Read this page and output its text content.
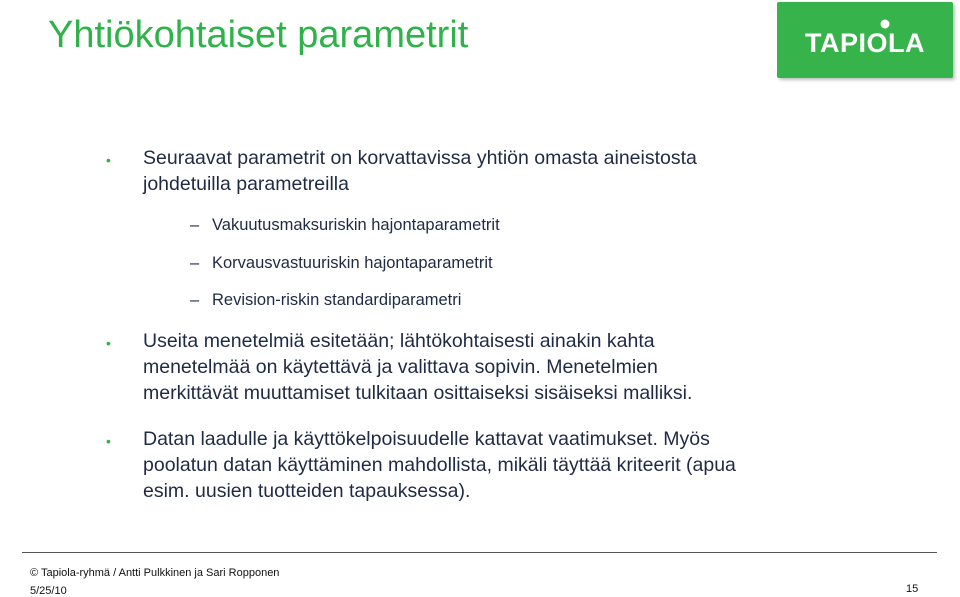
Yhtiökohtaiset parametrit	TAPIOLA
• Seuraavat parametrit on korvattavissa yhtiön omasta aineistosta
johdetuilla parametreilla

– Vakuutusmaksuriskin hajontaparametrit
– Korvausvastuuriskin hajontaparametrit
– Revision-riskin standardiparametri
• Useita menetelmiä esitetään; lähtökohtaisesti ainakin kahta
menetelmää on käytettävä ja valittava sopivin. Menetelmien
merkittävät muuttamiset tulkitaan osittaiseksi sisäiseksi malliksi.

• Datan laadulle ja käyttökelpoisuudelle kattavat vaatimukset. Myös
poolatun datan käyttäminen mahdollista, mikäli täyttää kriteerit (apua
esim. uusien tuotteiden tapauksessa).

© Tapiola-ryhmä / Antti Pulkkinen ja Sari Ropponen
5/25/10	15
